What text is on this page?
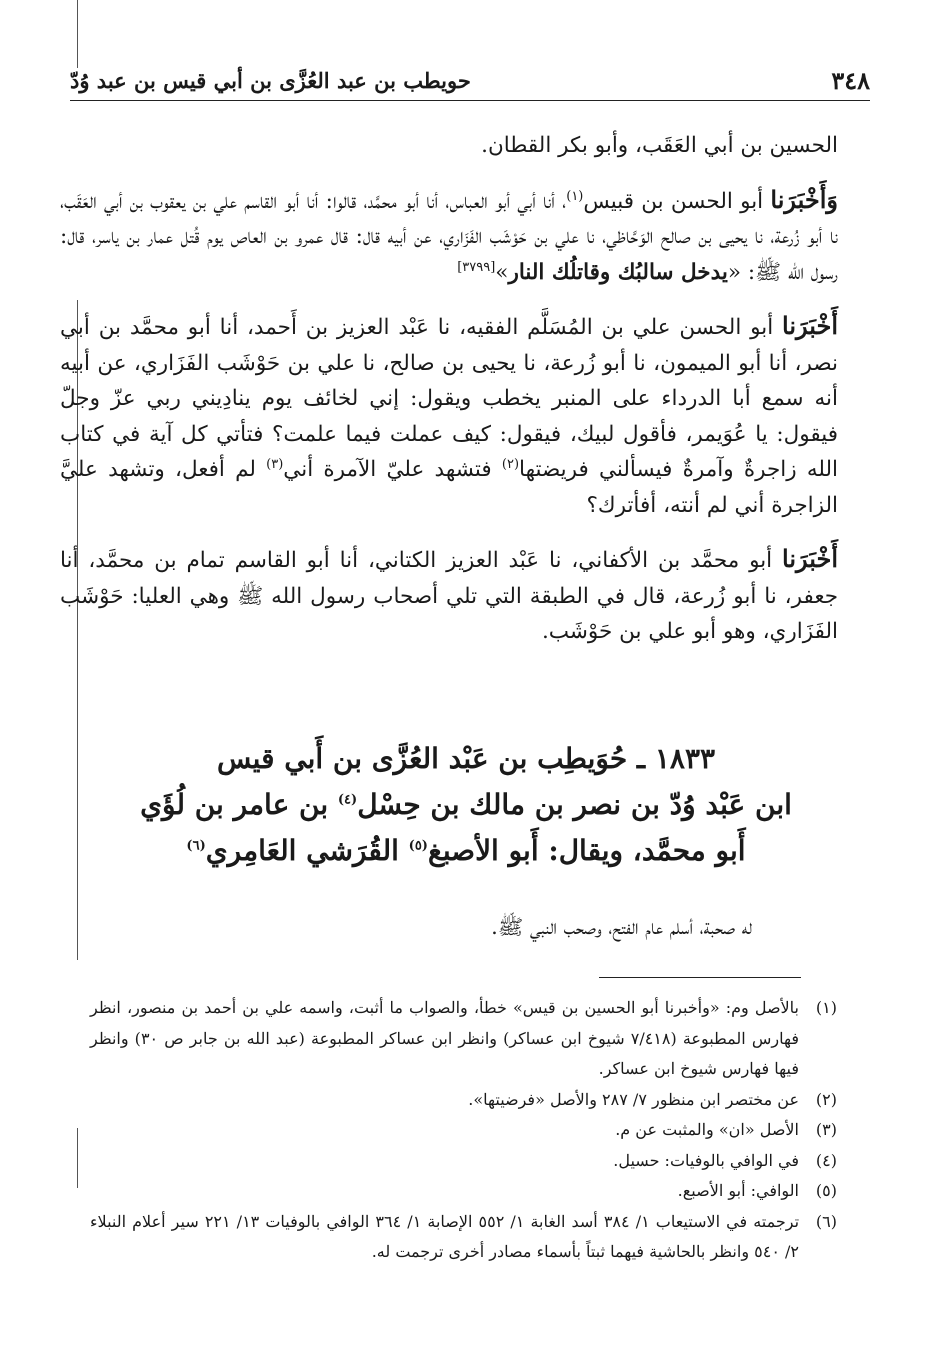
٣٤٨
حويطب بن عبد العُزَّى بن أبي قيس بن عبد وُدّ

الحسين بن أبي العَقَب، وأبو بكر القطان.

وَأَخْبَرَنا أبو الحسن بن قبيس$^{(١)}$، أنا أبي أبو العباس، أنا أبو محمَّد، قالوا: أنا أبو القاسم علي بن يعقوب بن أبي العَقَب، نا أبو زُرعة، نا يحيى بن صالح الوَحَّاظي، نا علي بن حَوْشَب الفَزَاري، عن أبيه قال: قال عمرو بن العاص يوم قُتل عمار بن ياسر، قال: رسول الله ﷺ: «يدخل سالبُك وقاتلُك النار»[٣٧٩٩]

أَخْبَرَنا أبو الحسن علي بن المُسَلَّم الفقيه، نا عَبْد العزيز بن أَحمد، أنا أبو محمَّد بن أبي نصر، أنا أبو الميمون، نا أبو زُرعة، نا يحيى بن صالح، نا علي بن حَوْشَب الفَزَاري، عن أبيه أنه سمع أبا الدرداء على المنبر يخطب ويقول: إني لخائف يوم ينادِيني ربي عزّ وجلّ فيقول: يا عُوَيمر، فأقول لبيك، فيقول: كيف عملت فيما علمت؟ فتأتي كل آية في كتاب الله زاجرةٌ وآمرةٌ فيسألني فريضتها$^{(٢)}$ فتشهد عليّ الآمرة أني$^{(٣)}$ لم أفعل، وتشهد عليَّ الزاجرة أني لم أنته، أفأترك؟

أَخْبَرَنا أبو محمَّد بن الأكفاني، نا عَبْد العزيز الكتاني، أنا أبو القاسم تمام بن محمَّد، أنا جعفر، نا أبو زُرعة، قال في الطبقة التي تلي أصحاب رسول الله ﷺ وهي العليا: حَوْشَب الفَزَاري، وهو أبو علي بن حَوْشَب.

١٨٣٣ ـ حُوَيطِب بن عَبْد العُزَّى بن أَبي قيس

ابن عَبْد وُدّ بن نصر بن مالك بن حِسْل$^{(٤)}$ بن عامر بن لُؤَي

أَبو محمَّد، ويقال: أَبو الأصبغ$^{(٥)}$ القُرَشي العَامِري$^{(٦)}$

له صحبة، أسلم عام الفتح، وصحب النبي ﷺ.
(١)
بالأصل وم: «وأخبرنا أبو الحسين بن قيس» خطأ، والصواب ما أثبت، واسمه علي بن أحمد بن منصور، انظر فهارس المطبوعة (٧/٤١٨ شيوخ ابن عساكر) وانظر ابن عساكر المطبوعة (عبد الله بن جابر ص ٣٠) وانظر فيها فهارس شيوخ ابن عساكر.
(٢)
عن مختصر ابن منظور ٧/ ٢٨٧ والأصل «فرضيتها».
(٣)
الأصل «ان» والمثبت عن م.
(٤)
في الوافي بالوفيات: حسيل.
(٥)
الوافي: أبو الأصبع.
(٦)
ترجمته في الاستيعاب ١/ ٣٨٤ أسد الغابة ١/ ٥٥٢ الإصابة ١/ ٣٦٤ الوافي بالوفيات ١٣/ ٢٢١ سير أعلام النبلاء ٢/ ٥٤٠ وانظر بالحاشية فيهما ثبتاً بأسماء مصادر أخرى ترجمت له.
